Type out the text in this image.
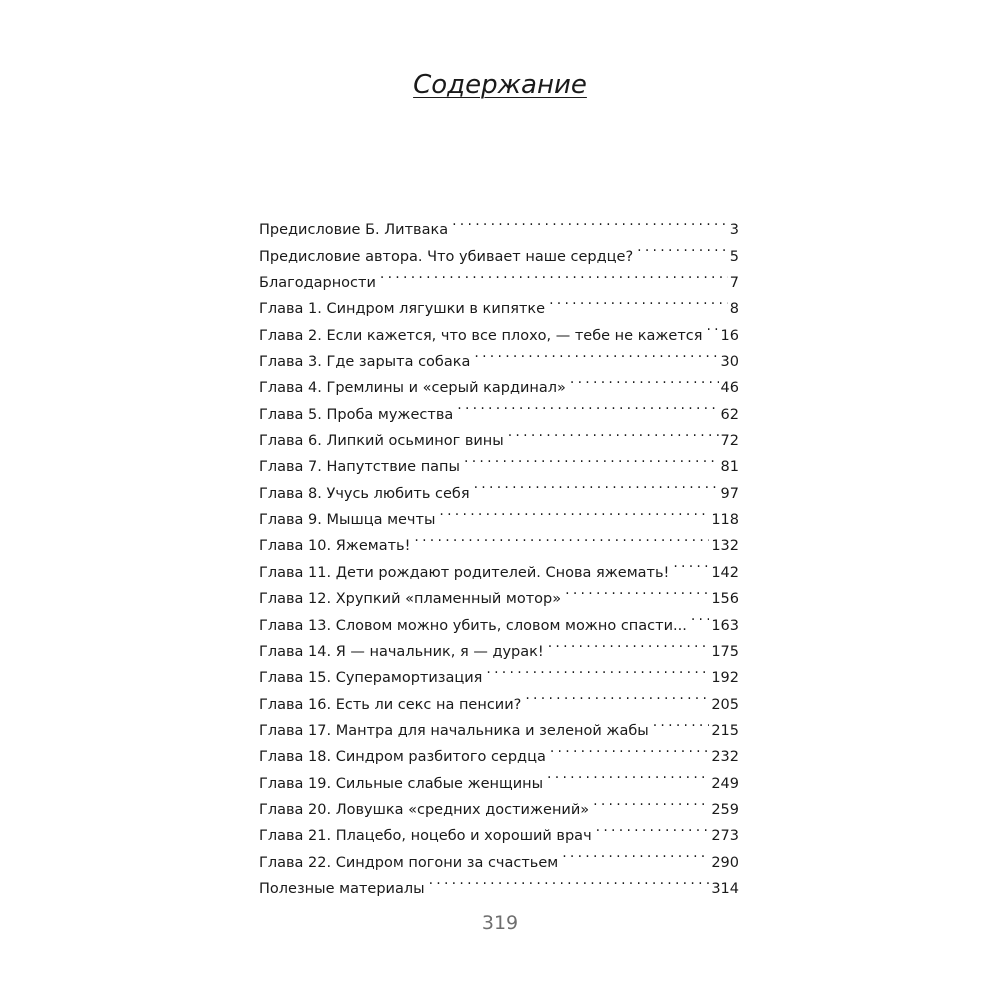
Содержание
Предисловие Б. Литвака . . .	3
Предисловие автора. Что убивает наше сердце? . . .	5
Благодарности . . .	7
Глава 1. Синдром лягушки в кипятке . . .	8
Глава 2. Если кажется, что все плохо, — тебе не кажется . . . 16
Глава 3. Где зарыта собака . . .	30
Глава 4. Гремлины и «серый кардинал» . . .	46
Глава 5. Проба мужества . . .	62
Глава 6. Липкий осьминог вины . . .	72
Глава 7. Напутствие папы . . .	81
Глава 8. Учусь любить себя . . .	97
Глава 9. Мышца мечты . . .	118
Глава 10. Яжемать! . . .	132
Глава 11. Дети рождают родителей. Снова яжемать! . . .	142
Глава 12. Хрупкий «пламенный мотор» . . .	156
Глава 13. Словом можно убить, словом можно спасти... . . . 163
Глава 14. Я — начальник, я — дурак! . . .	175
Глава 15. Супeрамортизация . . .	192
Глава 16. Есть ли секс на пенсии? . . .	205
Глава 17. Мантра для начальника и зеленой жабы . . .	215
Глава 18. Синдром разбитого сердца . . .	232
Глава 19. Сильные слабые женщины . . .	249
Глава 20. Ловушка «средних достижений» . . .	259
Глава 21. Плацебо, ноцебо и хороший врач . . .	273
Глава 22. Синдром погони за счастьем . . .	290
Полезные материалы . . .	314
319
